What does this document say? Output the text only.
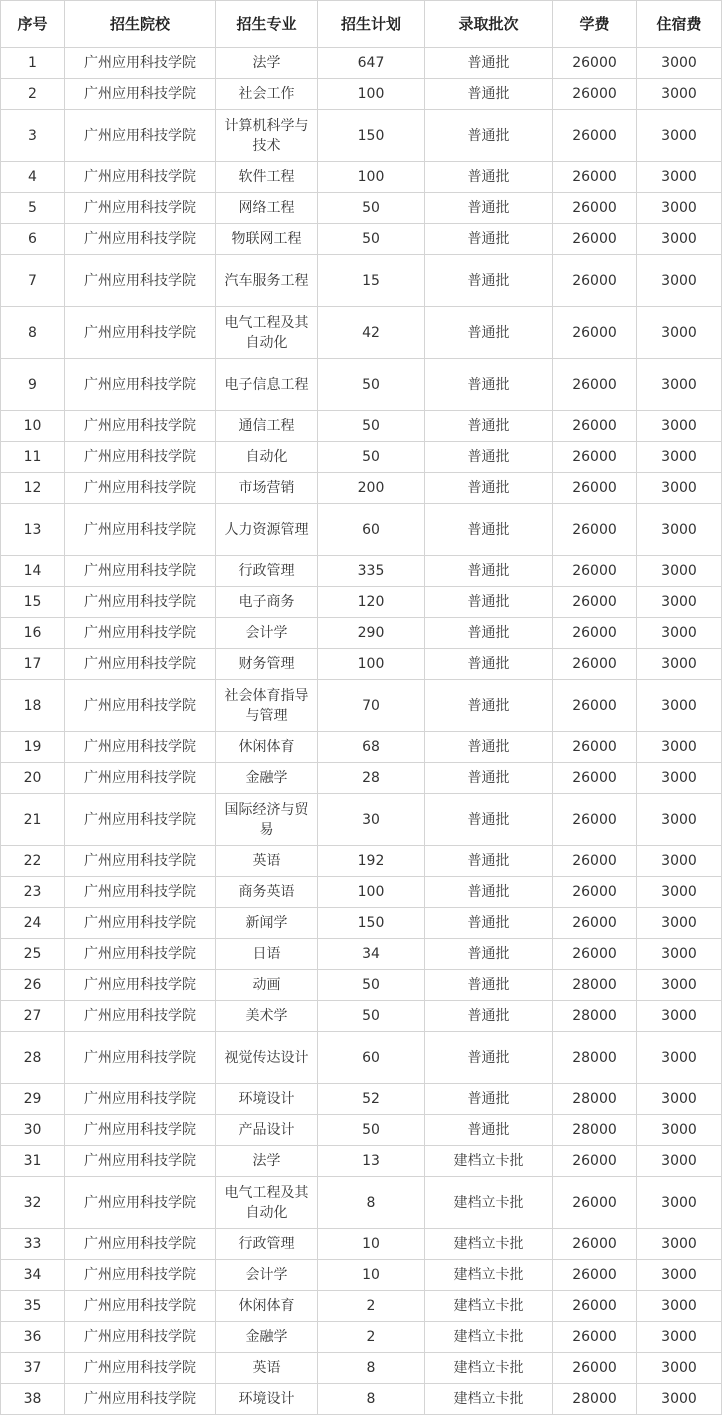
序号	招生院校	招生专业	招生计划	录取批次	学费	住宿费
1	广州应用科技学院	法学	647	普通批	26000	3000
2	广州应用科技学院	社会工作	100	普通批	26000	3000
3	广州应用科技学院	计算机科学与技术	150	普通批	26000	3000
4	广州应用科技学院	软件工程	100	普通批	26000	3000
5	广州应用科技学院	网络工程	50	普通批	26000	3000
6	广州应用科技学院	物联网工程	50	普通批	26000	3000
7	广州应用科技学院	汽车服务工程	15	普通批	26000	3000
8	广州应用科技学院	电气工程及其自动化	42	普通批	26000	3000
9	广州应用科技学院	电子信息工程	50	普通批	26000	3000
10	广州应用科技学院	通信工程	50	普通批	26000	3000
11	广州应用科技学院	自动化	50	普通批	26000	3000
12	广州应用科技学院	市场营销	200	普通批	26000	3000
13	广州应用科技学院	人力资源管理	60	普通批	26000	3000
14	广州应用科技学院	行政管理	335	普通批	26000	3000
15	广州应用科技学院	电子商务	120	普通批	26000	3000
16	广州应用科技学院	会计学	290	普通批	26000	3000
17	广州应用科技学院	财务管理	100	普通批	26000	3000
18	广州应用科技学院	社会体育指导与管理	70	普通批	26000	3000
19	广州应用科技学院	休闲体育	68	普通批	26000	3000
20	广州应用科技学院	金融学	28	普通批	26000	3000
21	广州应用科技学院	国际经济与贸易	30	普通批	26000	3000
22	广州应用科技学院	英语	192	普通批	26000	3000
23	广州应用科技学院	商务英语	100	普通批	26000	3000
24	广州应用科技学院	新闻学	150	普通批	26000	3000
25	广州应用科技学院	日语	34	普通批	26000	3000
26	广州应用科技学院	动画	50	普通批	28000	3000
27	广州应用科技学院	美术学	50	普通批	28000	3000
28	广州应用科技学院	视觉传达设计	60	普通批	28000	3000
29	广州应用科技学院	环境设计	52	普通批	28000	3000
30	广州应用科技学院	产品设计	50	普通批	28000	3000
31	广州应用科技学院	法学	13	建档立卡批	26000	3000
32	广州应用科技学院	电气工程及其自动化	8	建档立卡批	26000	3000
33	广州应用科技学院	行政管理	10	建档立卡批	26000	3000
34	广州应用科技学院	会计学	10	建档立卡批	26000	3000
35	广州应用科技学院	休闲体育	2	建档立卡批	26000	3000
36	广州应用科技学院	金融学	2	建档立卡批	26000	3000
37	广州应用科技学院	英语	8	建档立卡批	26000	3000
38	广州应用科技学院	环境设计	8	建档立卡批	28000	3000
